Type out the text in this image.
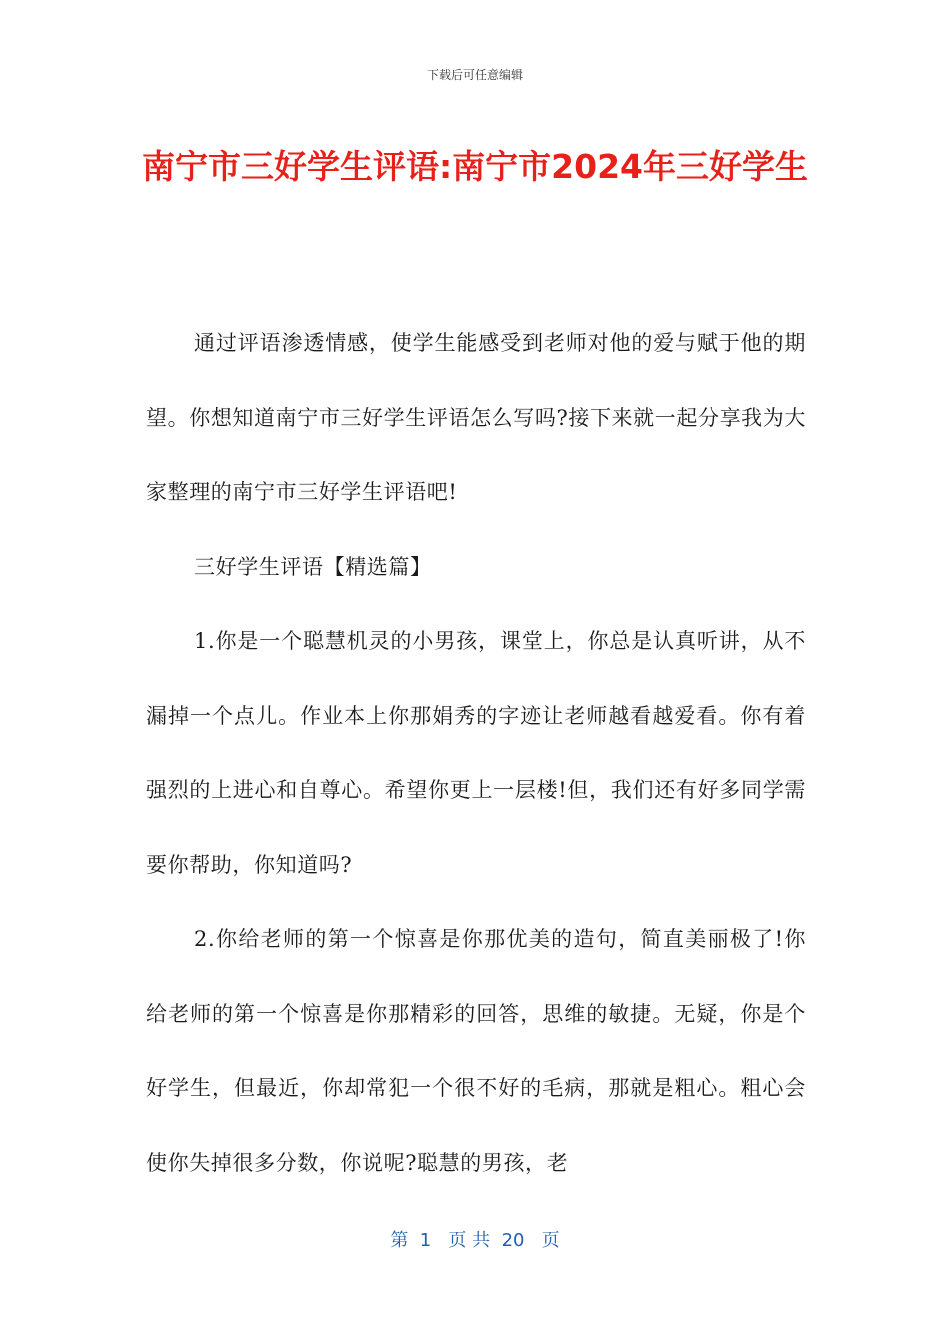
下载后可任意编辑
南宁市三好学生评语:南宁市2024年三好学生

通过评语渗透情感，使学生能感受到老师对他的爱与赋于他的期望。你想知道南宁市三好学生评语怎么写吗?接下来就一起分享我为大家整理的南宁市三好学生评语吧!

三好学生评语【精选篇】

1.你是一个聪慧机灵的小男孩，课堂上，你总是认真听讲，从不漏掉一个点儿。作业本上你那娟秀的字迹让老师越看越爱看。你有着强烈的上进心和自尊心。希望你更上一层楼!但，我们还有好多同学需要你帮助，你知道吗?

2.你给老师的第一个惊喜是你那优美的造句，简直美丽极了!你给老师的第一个惊喜是你那精彩的回答，思维的敏捷。无疑，你是个好学生，但最近，你却常犯一个很不好的毛病，那就是粗心。粗心会使你失掉很多分数，你说呢?聪慧的男孩，老

第  1   页 共  20   页
